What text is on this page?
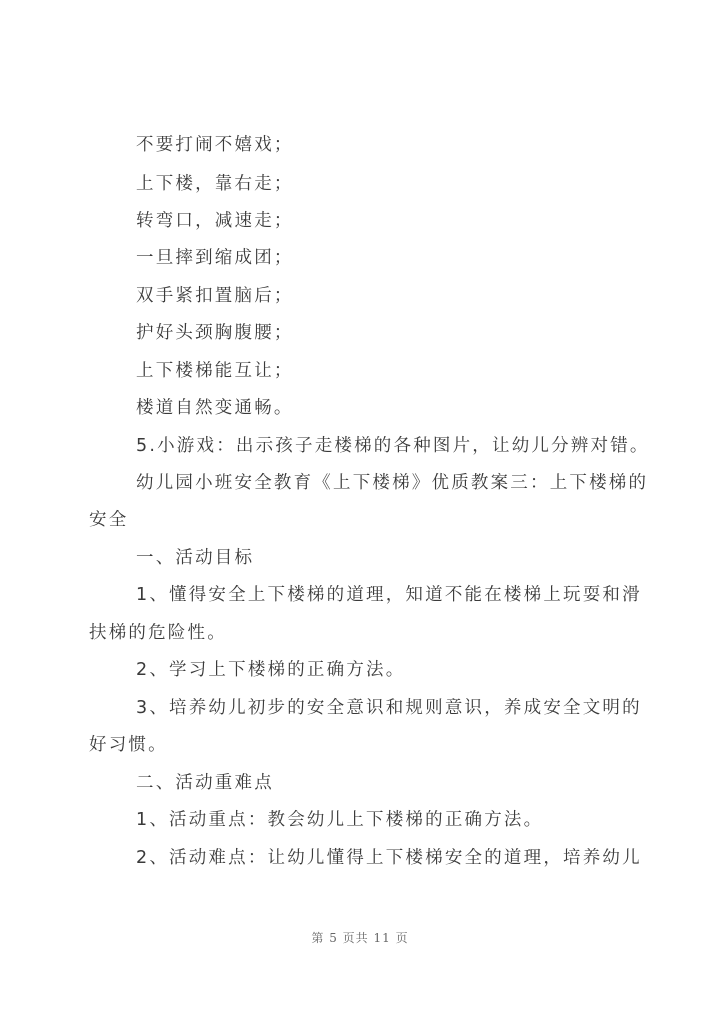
不要打闹不嬉戏；
上下楼，靠右走；
转弯口，减速走；
一旦摔到缩成团；
双手紧扣置脑后；
护好头颈胸腹腰；
上下楼梯能互让；
楼道自然变通畅。
5.小游戏：出示孩子走楼梯的各种图片，让幼儿分辨对错。
幼儿园小班安全教育《上下楼梯》优质教案三：上下楼梯的
安全
一、活动目标
1、懂得安全上下楼梯的道理，知道不能在楼梯上玩耍和滑
扶梯的危险性。
2、学习上下楼梯的正确方法。
3、培养幼儿初步的安全意识和规则意识，养成安全文明的
好习惯。
二、活动重难点
1、活动重点：教会幼儿上下楼梯的正确方法。
2、活动难点：让幼儿懂得上下楼梯安全的道理，培养幼儿
第 5 页共 11 页
